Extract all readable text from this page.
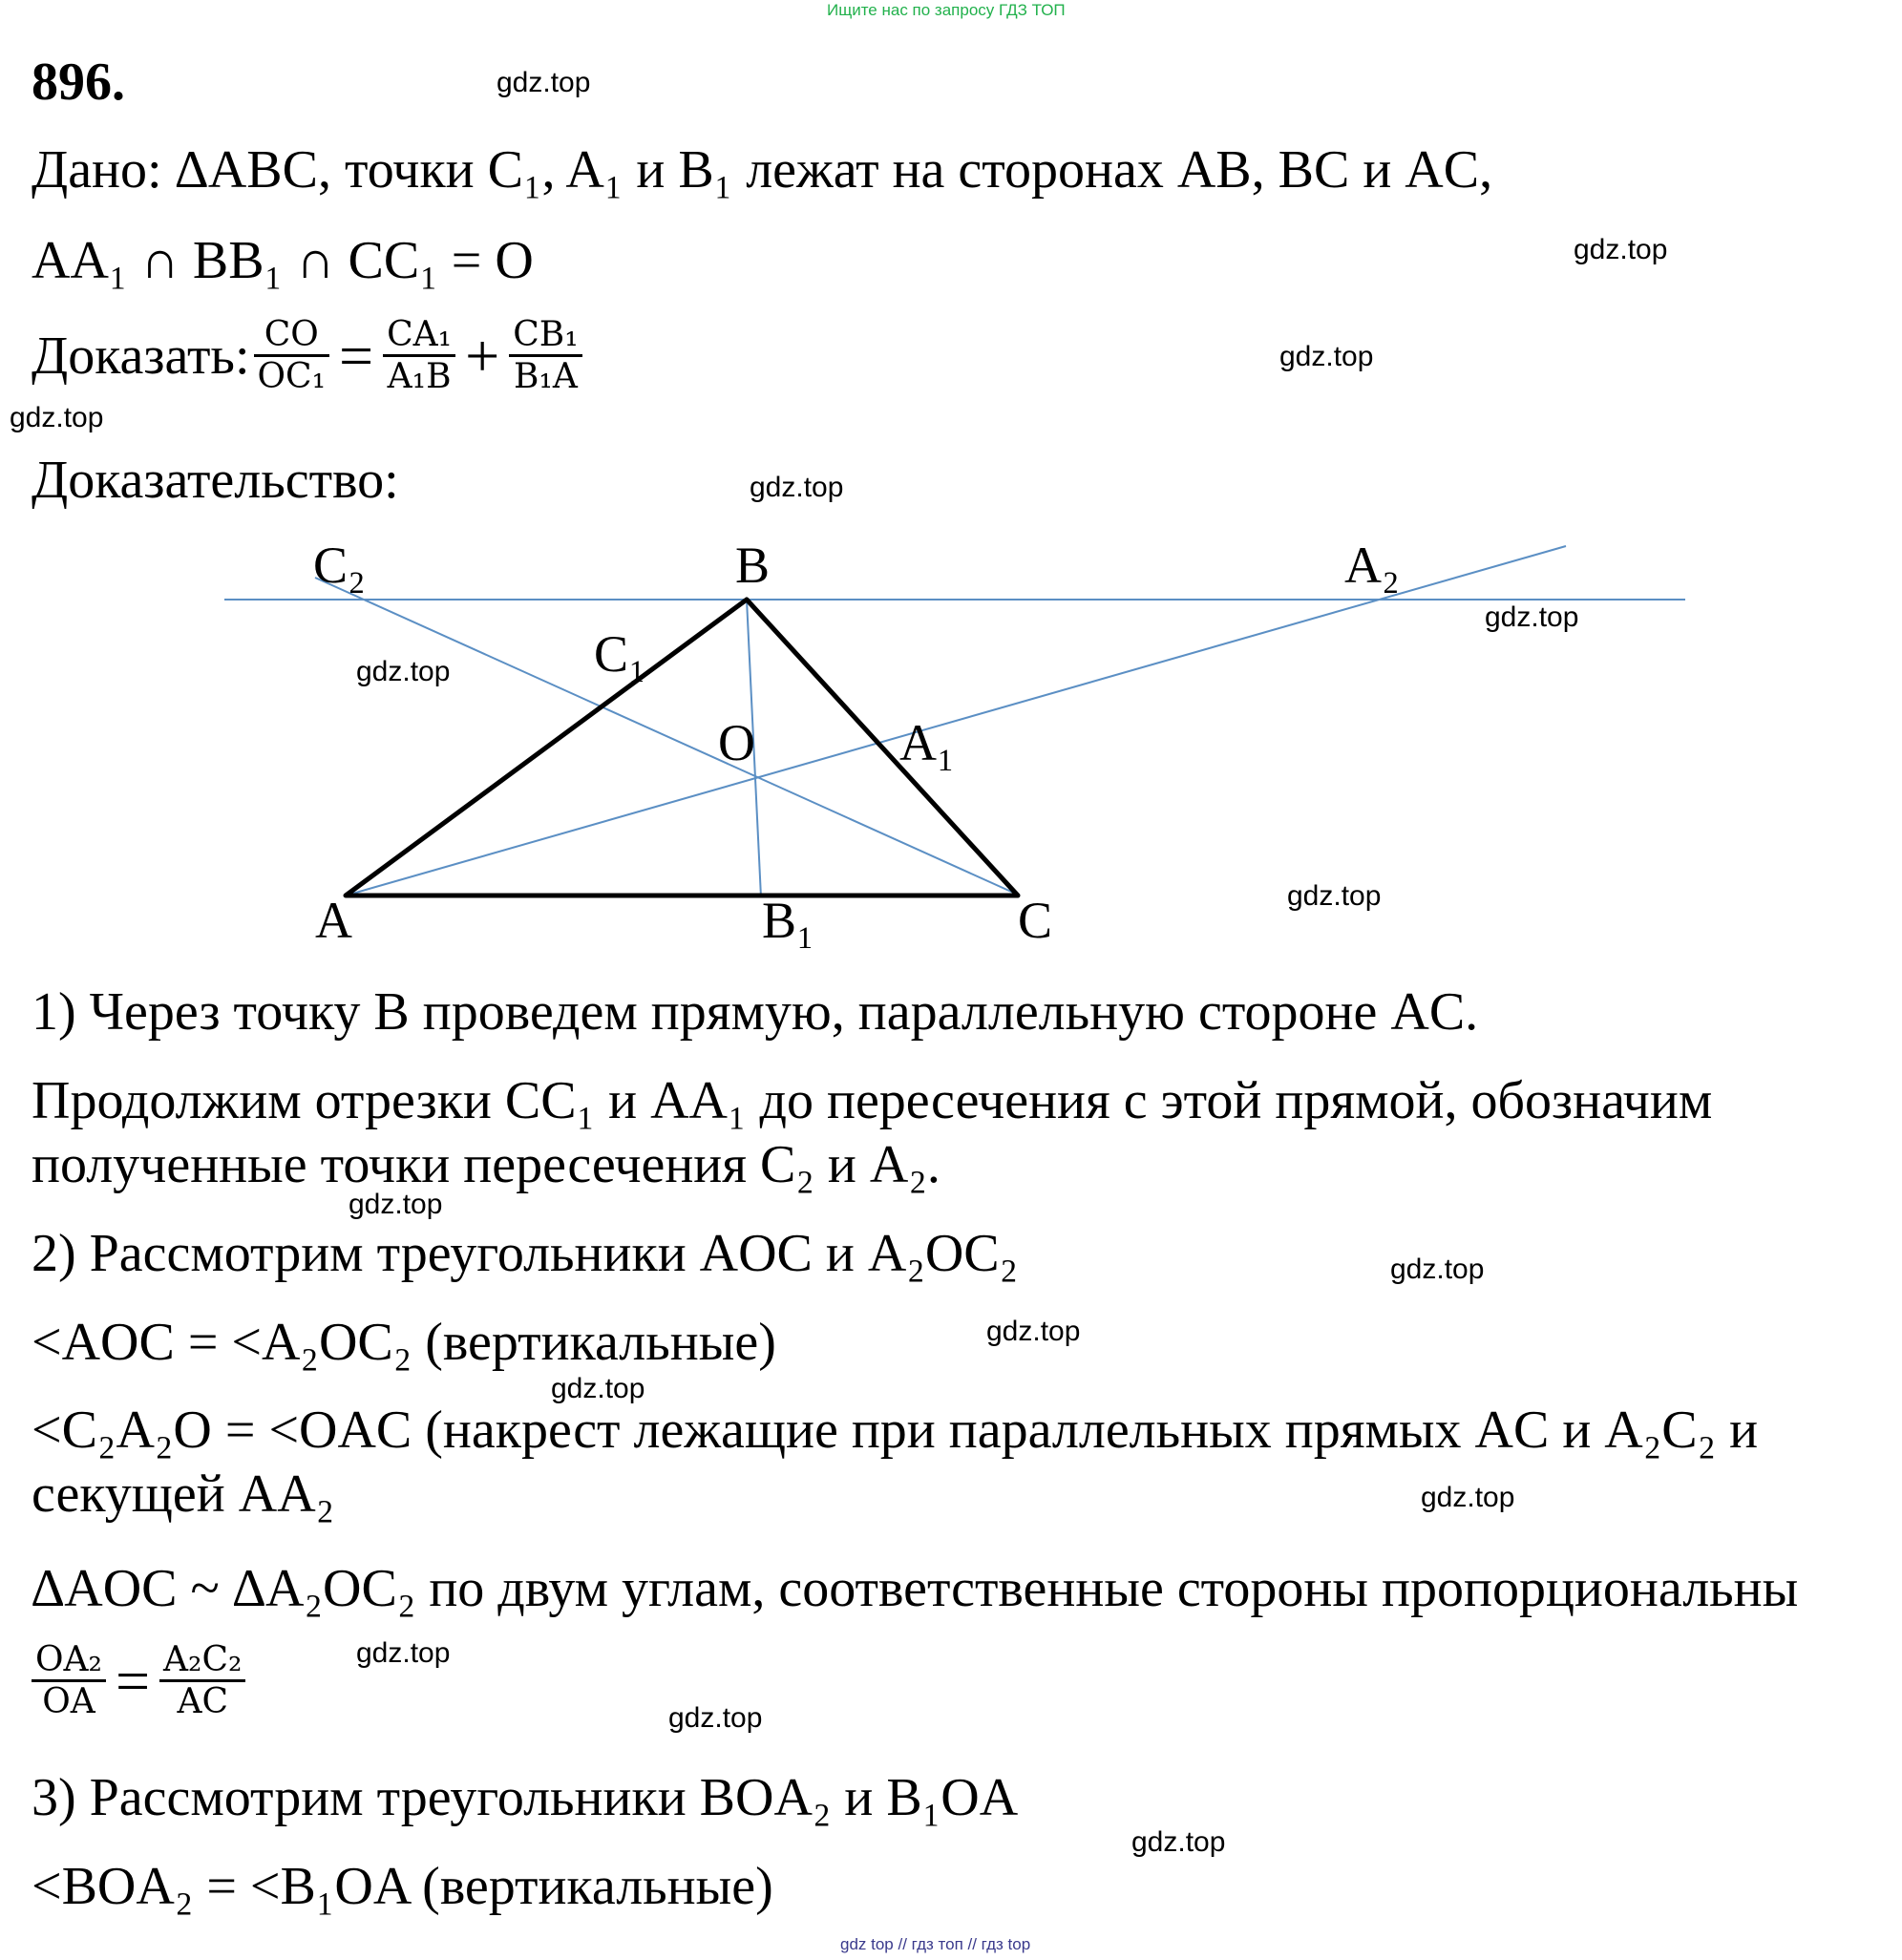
Ищите нас по запросу ГДЗ ТОП
896.
Дано: ∆ABC, точки C₁, A₁ и B₁ лежат на сторонах AB, BC и AC,
AA₁ ∩ BB₁ ∩ CC₁ = O
Доказать: $\frac{CO}{\text{OC₁}} = \frac{\text{CA₁}}{\text{A₁B}} + \frac{\text{CB₁}}{\text{B₁A}}$
Доказательство:
C₂	B	A₂
C₁
O	A₁
A	B₁	C
1) Через точку B проведем прямую, параллельную стороне AC.
Продолжим отрезки CC₁ и AA₁ до пересечения с этой прямой, обозначим
полученные точки пересечения C₂ и A₂.
2) Рассмотрим треугольники AOC и A₂OC₂
<AOC = <A₂OC₂ (вертикальные)
<C₂A₂O = <OAC (накрест лежащие при параллельных прямых AC и A₂C₂ и
секущей AA₂
∆AOC ~ ∆A₂OC₂ по двум углам, соответственные стороны пропорциональны
$\frac{\text{OA₂}}{OA} = \frac{\text{A₂C₂}}{AC}$
3) Рассмотрим треугольники BOA₂ и B₁OA
<BOA₂ = <B₁OA (вертикальные)
gdz.top
gdz.top
gdz.top
gdz.top
gdz.top
gdz.top
gdz.top
gdz.top
gdz.top
gdz.top
gdz.top
gdz.top
gdz.top
gdz.top
gdz.top
gdz.top
gdz top // гдз топ // гдз top
